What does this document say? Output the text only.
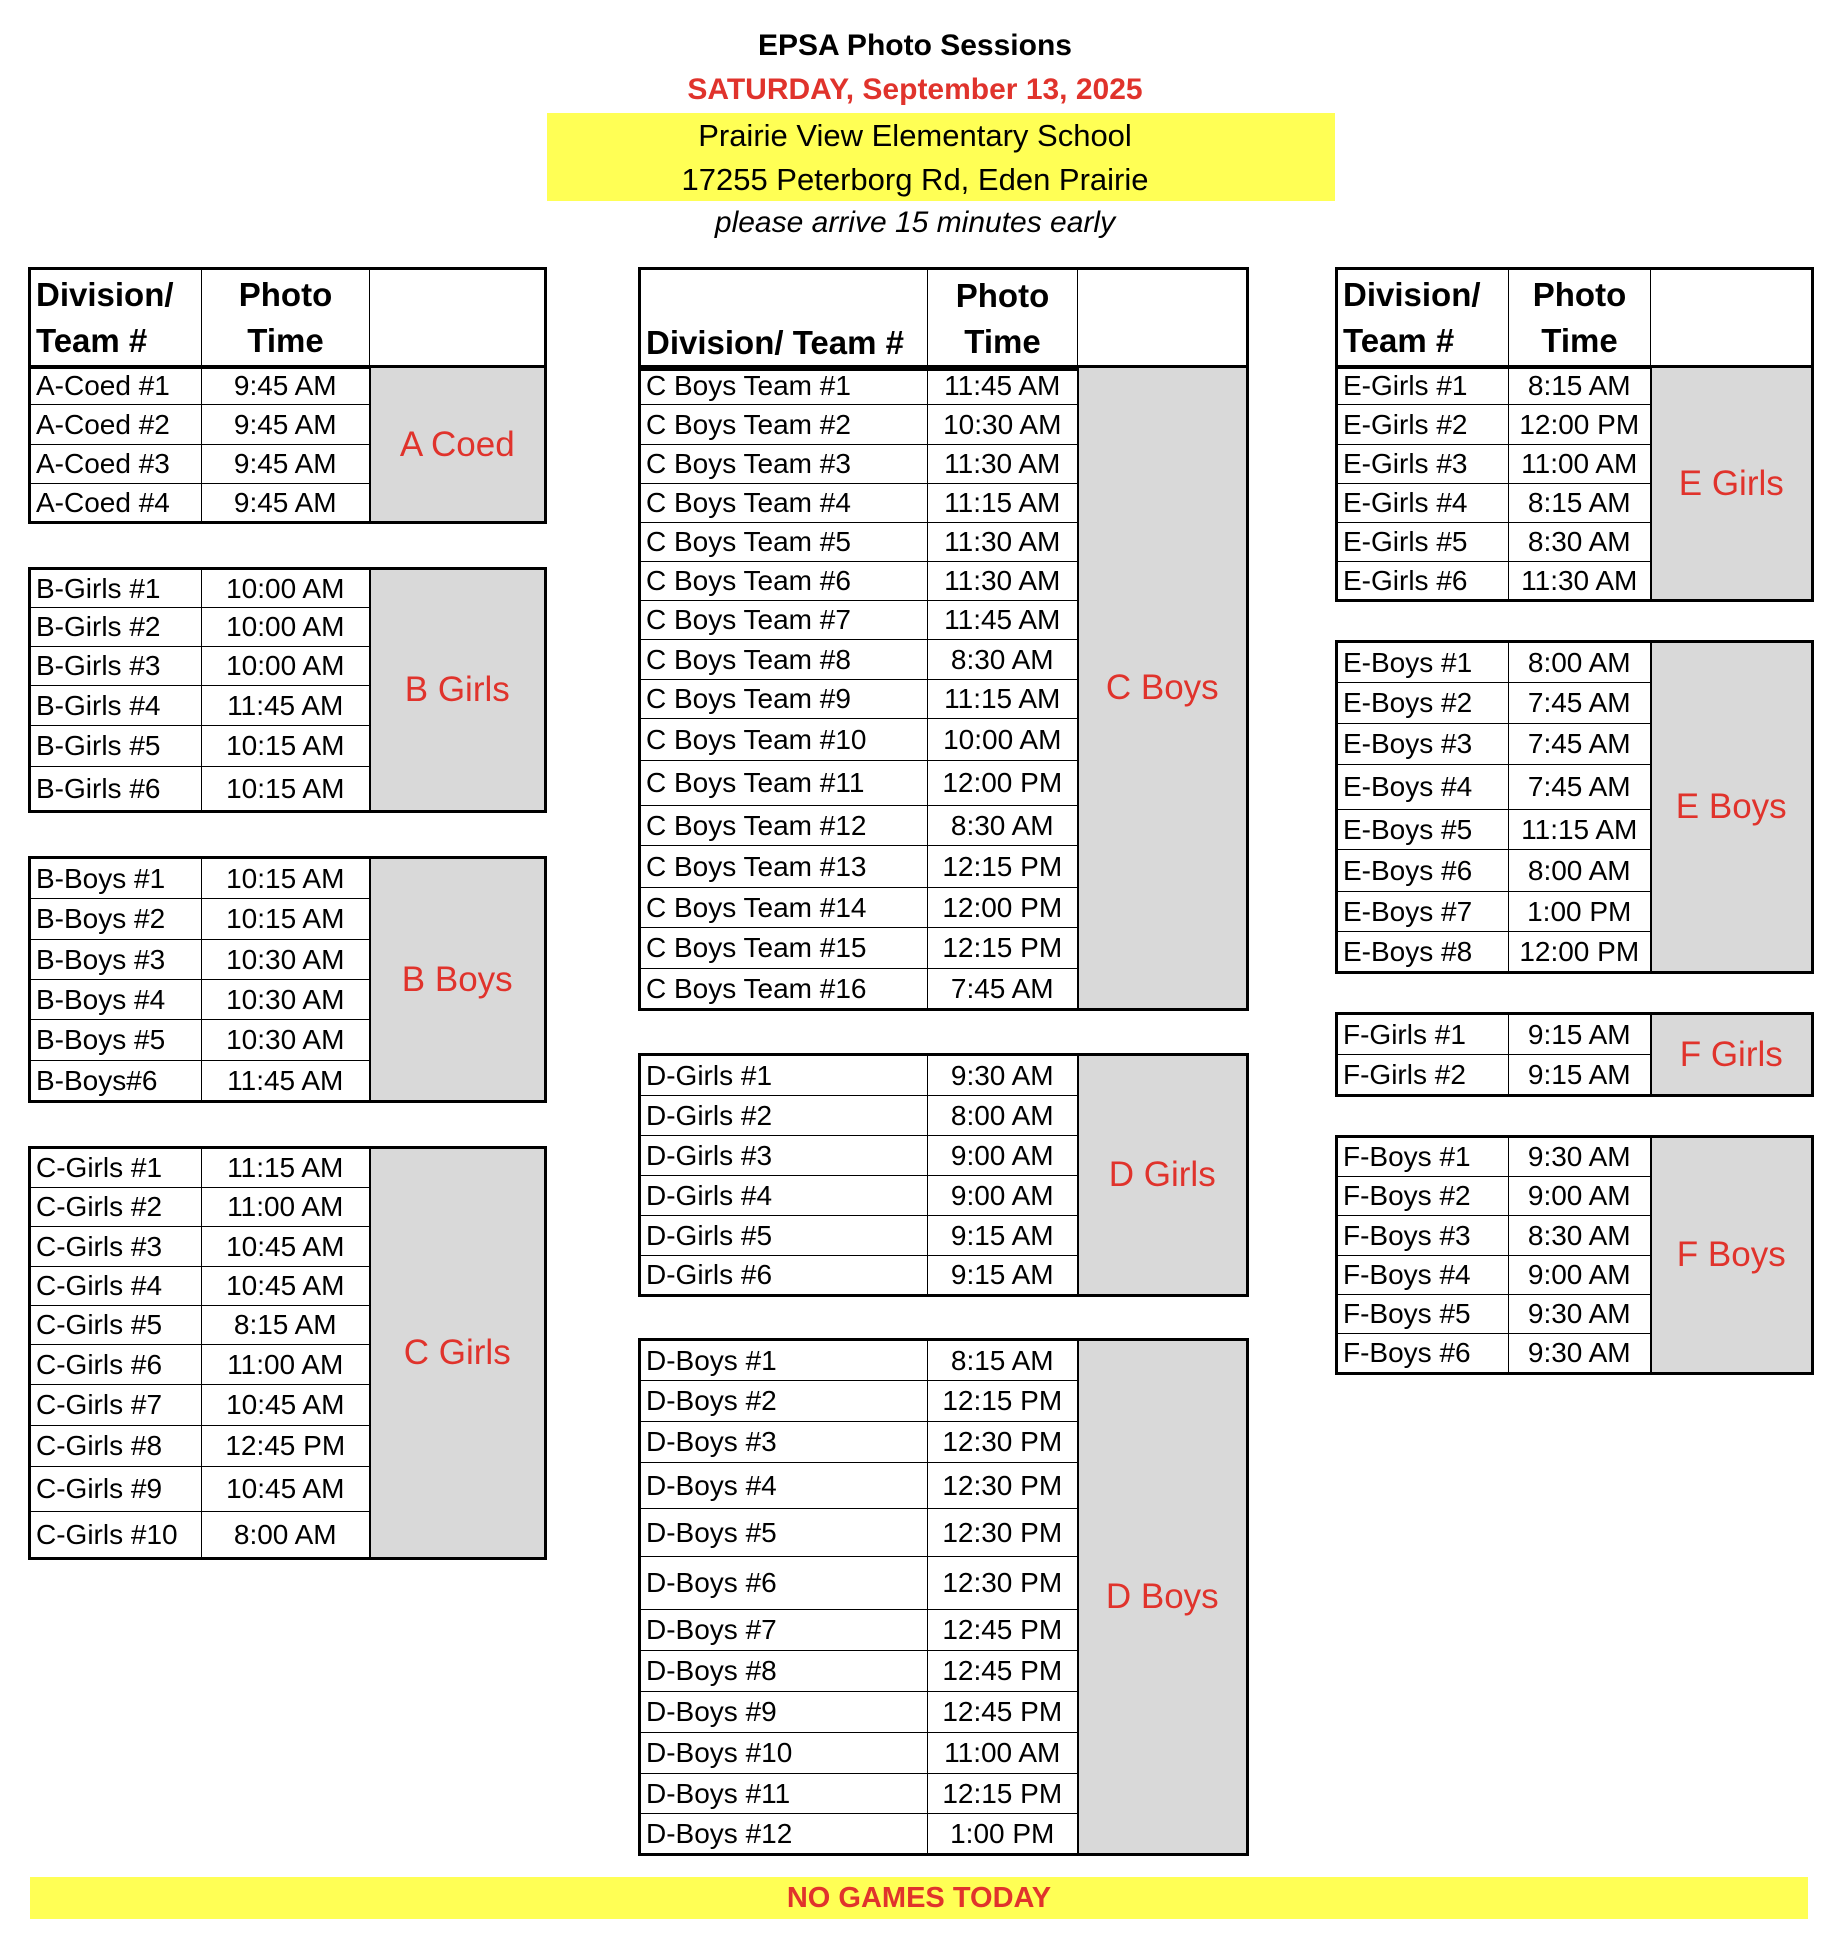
EPSA Photo Sessions
SATURDAY, September 13, 2025
Prairie View Elementary School
17255 Peterborg Rd, Eden Prairie
please arrive 15 minutes early
Division/
Team #	Photo
Time	
A-Coed #1	9:45 AM	A Coed
A-Coed #2	9:45 AM	
A-Coed #3	9:45 AM	
A-Coed #4	9:45 AM	
B-Girls #1	10:00 AM	B Girls
B-Girls #2	10:00 AM	
B-Girls #3	10:00 AM	
B-Girls #4	11:45 AM	
B-Girls #5	10:15 AM	
B-Girls #6	10:15 AM	
B-Boys #1	10:15 AM	B Boys
B-Boys #2	10:15 AM	
B-Boys #3	10:30 AM	
B-Boys #4	10:30 AM	
B-Boys #5	10:30 AM	
B-Boys#6	11:45 AM	
C-Girls #1	11:15 AM	C Girls
C-Girls #2	11:00 AM	
C-Girls #3	10:45 AM	
C-Girls #4	10:45 AM	
C-Girls #5	8:15 AM	
C-Girls #6	11:00 AM	
C-Girls #7	10:45 AM	
C-Girls #8	12:45 PM	
C-Girls #9	10:45 AM	
C-Girls #10	8:00 AM	
Division/ Team #	Photo
Time	
C Boys Team #1	11:45 AM	C Boys
C Boys Team #2	10:30 AM	
C Boys Team #3	11:30 AM	
C Boys Team #4	11:15 AM	
C Boys Team #5	11:30 AM	
C Boys Team #6	11:30 AM	
C Boys Team #7	11:45 AM	
C Boys Team #8	8:30 AM	
C Boys Team #9	11:15 AM	
C Boys Team #10	10:00 AM	
C Boys Team #11	12:00 PM	
C Boys Team #12	8:30 AM	
C Boys Team #13	12:15 PM	
C Boys Team #14	12:00 PM	
C Boys Team #15	12:15 PM	
C Boys Team #16	7:45 AM	
D-Girls #1	9:30 AM	D Girls
D-Girls #2	8:00 AM	
D-Girls #3	9:00 AM	
D-Girls #4	9:00 AM	
D-Girls #5	9:15 AM	
D-Girls #6	9:15 AM	
D-Boys #1	8:15 AM	D Boys
D-Boys #2	12:15 PM	
D-Boys #3	12:30 PM	
D-Boys #4	12:30 PM	
D-Boys #5	12:30 PM	
D-Boys #6	12:30 PM	
D-Boys #7	12:45 PM	
D-Boys #8	12:45 PM	
D-Boys #9	12:45 PM	
D-Boys #10	11:00 AM	
D-Boys #11	12:15 PM	
D-Boys #12	1:00 PM	
Division/
Team #	Photo
Time	
E-Girls #1	8:15 AM	E Girls
E-Girls #2	12:00 PM	
E-Girls #3	11:00 AM	
E-Girls #4	8:15 AM	
E-Girls #5	8:30 AM	
E-Girls #6	11:30 AM	
E-Boys #1	8:00 AM	E Boys
E-Boys #2	7:45 AM	
E-Boys #3	7:45 AM	
E-Boys #4	7:45 AM	
E-Boys #5	11:15 AM	
E-Boys #6	8:00 AM	
E-Boys #7	1:00 PM	
E-Boys #8	12:00 PM	
F-Girls #1	9:15 AM	F Girls
F-Girls #2	9:15 AM	
F-Boys #1	9:30 AM	F Boys
F-Boys #2	9:00 AM	
F-Boys #3	8:30 AM	
F-Boys #4	9:00 AM	
F-Boys #5	9:30 AM	
F-Boys #6	9:30 AM	
NO GAMES TODAY
